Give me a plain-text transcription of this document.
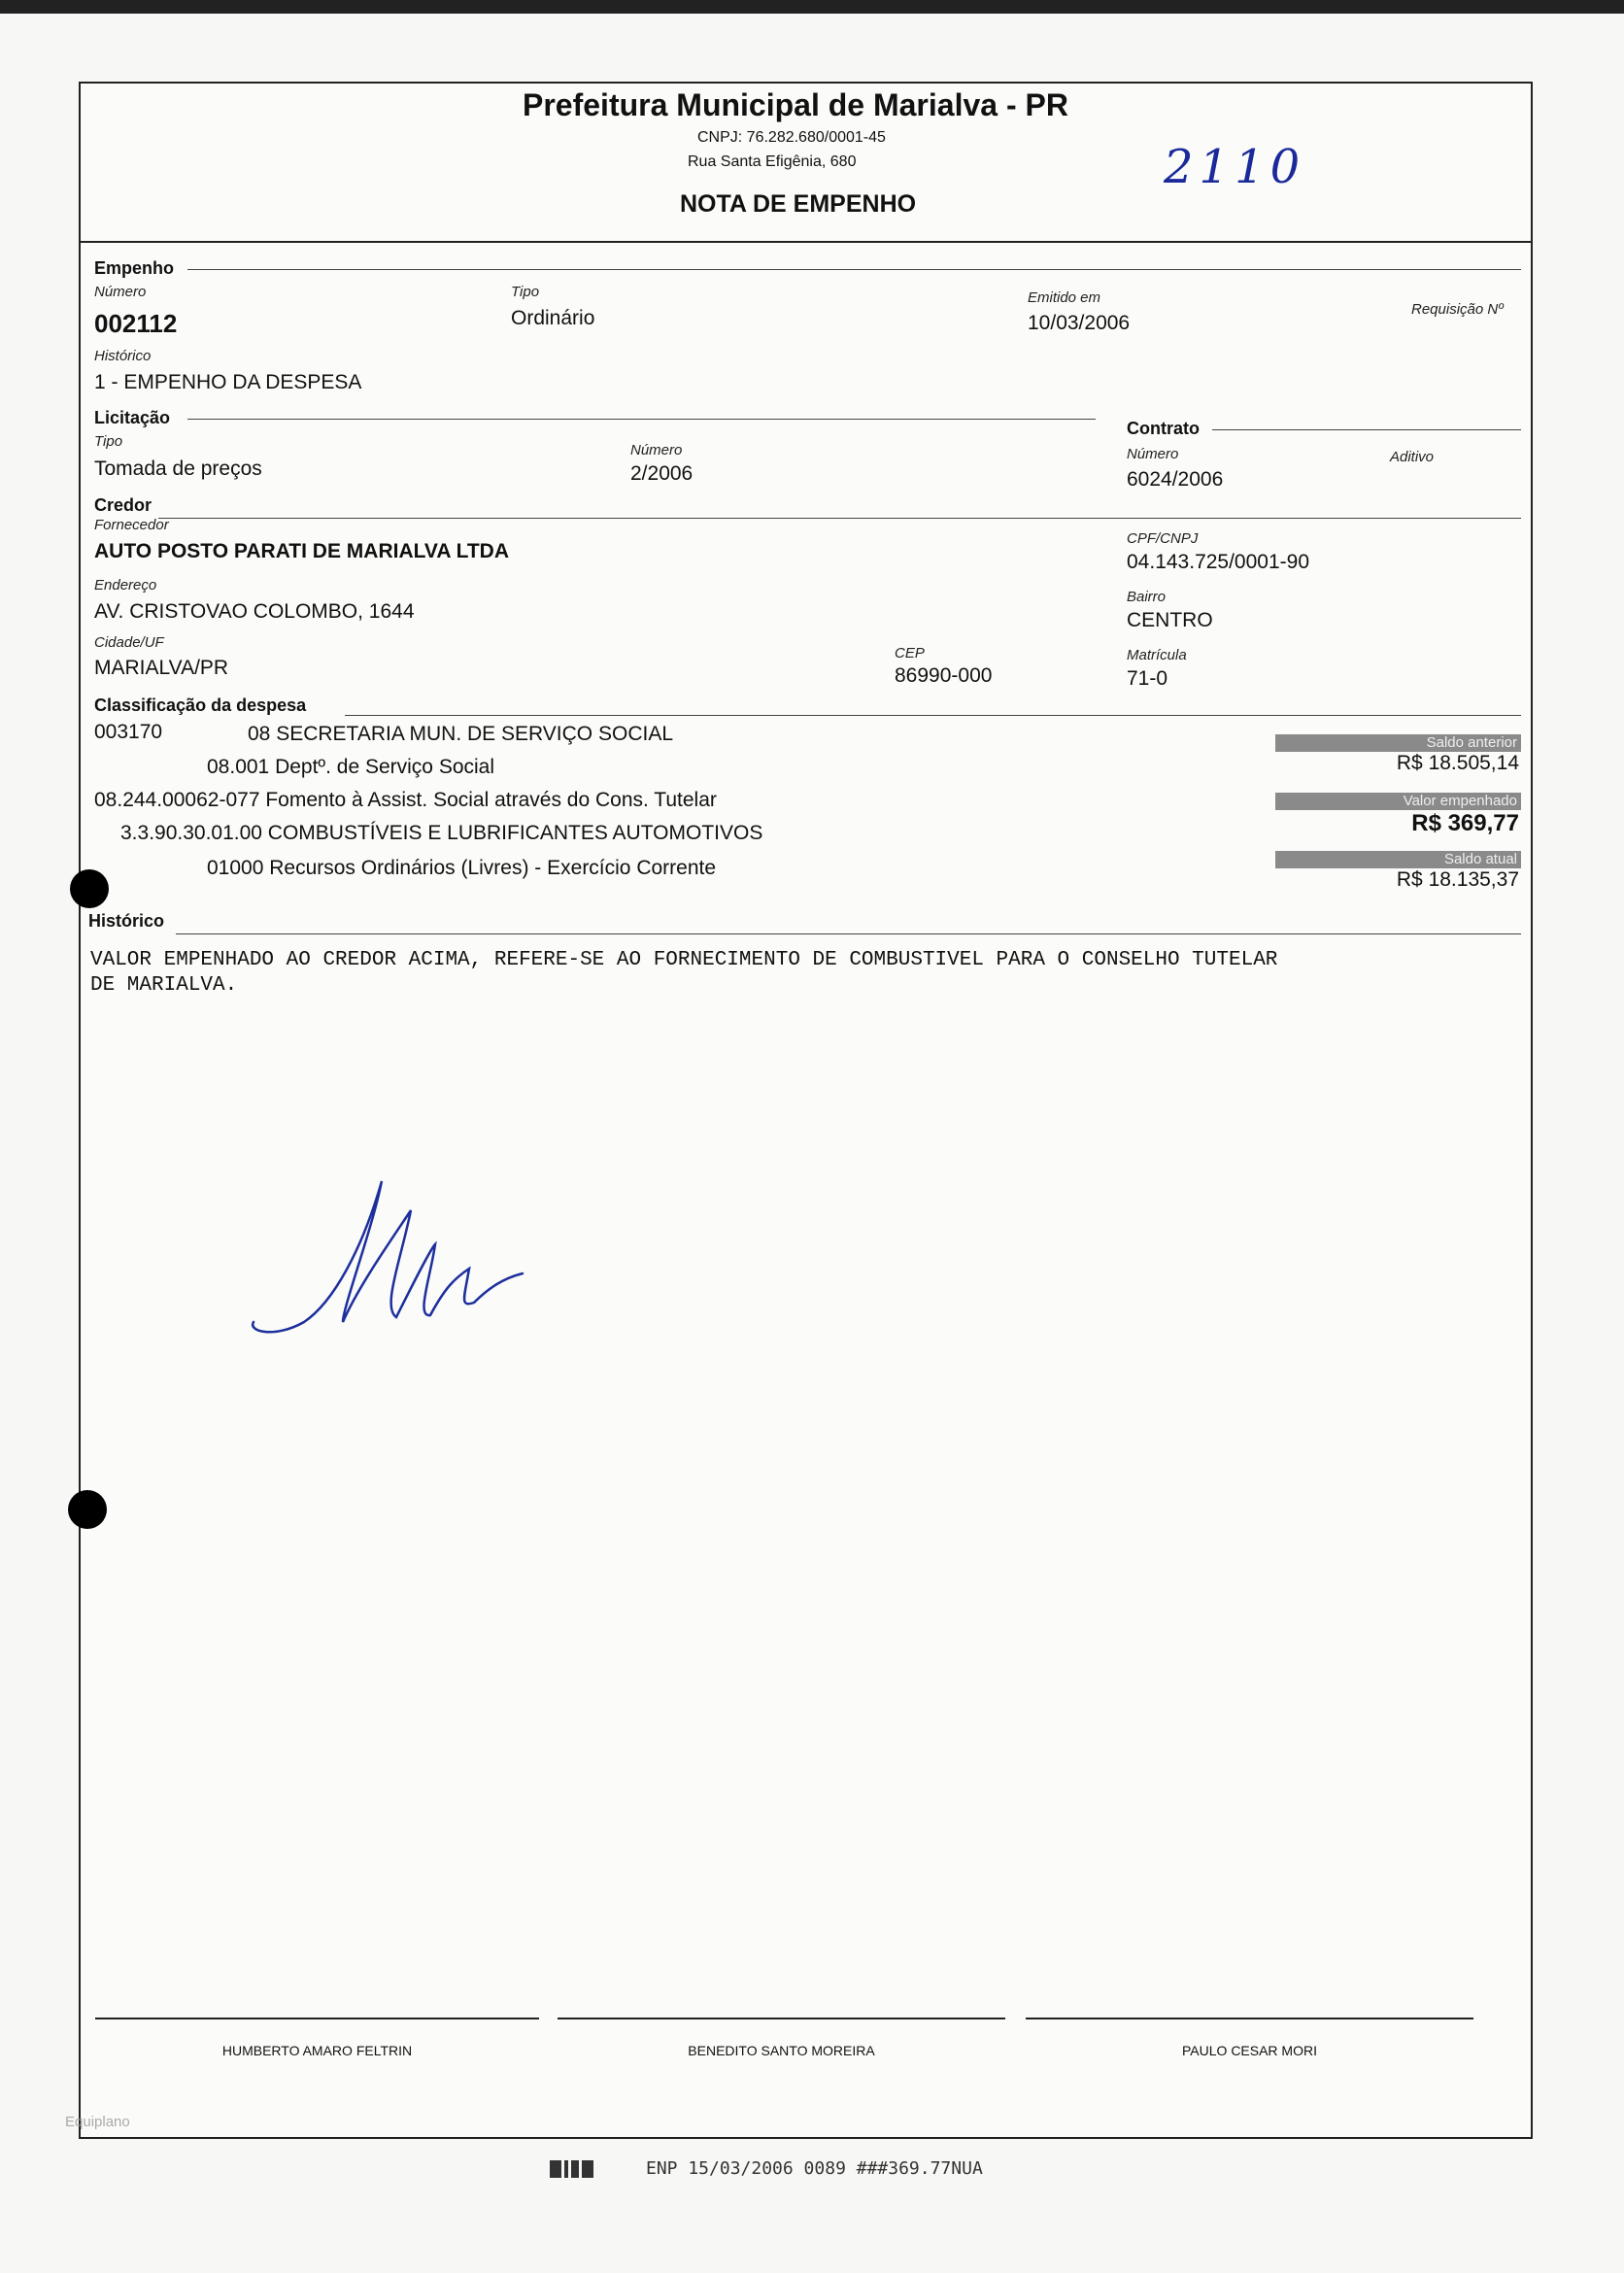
Prefeitura Municipal de Marialva - PR
CNPJ: 76.282.680/0001-45
Rua Santa Efigênia, 680	2110
NOTA DE EMPENHO
Empenho
Número
002112
Tipo
Ordinário
Emitido em
10/03/2006
Requisição Nº
Histórico
1 - EMPENHO DA DESPESA
Licitação
Tipo
Tomada de preços
Número
2/2006
Contrato
Número
6024/2006
Aditivo
Credor
Fornecedor
AUTO POSTO PARATI DE MARIALVA LTDA
CPF/CNPJ
04.143.725/0001-90
Endereço
AV. CRISTOVAO COLOMBO, 1644
Bairro
CENTRO
Cidade/UF
MARIALVA/PR
CEP
86990-000
Matrícula
71-0
Classificação da despesa
003170	08 SECRETARIA MUN. DE SERVIÇO SOCIAL
08.001 Deptº. de Serviço Social
08.244.00062-077 Fomento à Assist. Social através do Cons. Tutelar
3.3.90.30.01.00 COMBUSTÍVEIS E LUBRIFICANTES AUTOMOTIVOS
01000 Recursos Ordinários (Livres) - Exercício Corrente
Saldo anterior
R$ 18.505,14
Valor empenhado
R$ 369,77
Saldo atual
R$ 18.135,37
Histórico
VALOR EMPENHADO AO CREDOR ACIMA, REFERE-SE AO FORNECIMENTO DE COMBUSTIVEL PARA O CONSELHO TUTELAR
DE MARIALVA.
HUMBERTO AMARO FELTRIN	BENEDITO SANTO MOREIRA	PAULO CESAR MORI
Equiplano
ENP 15/03/2006 0089 ###369.77NUA
